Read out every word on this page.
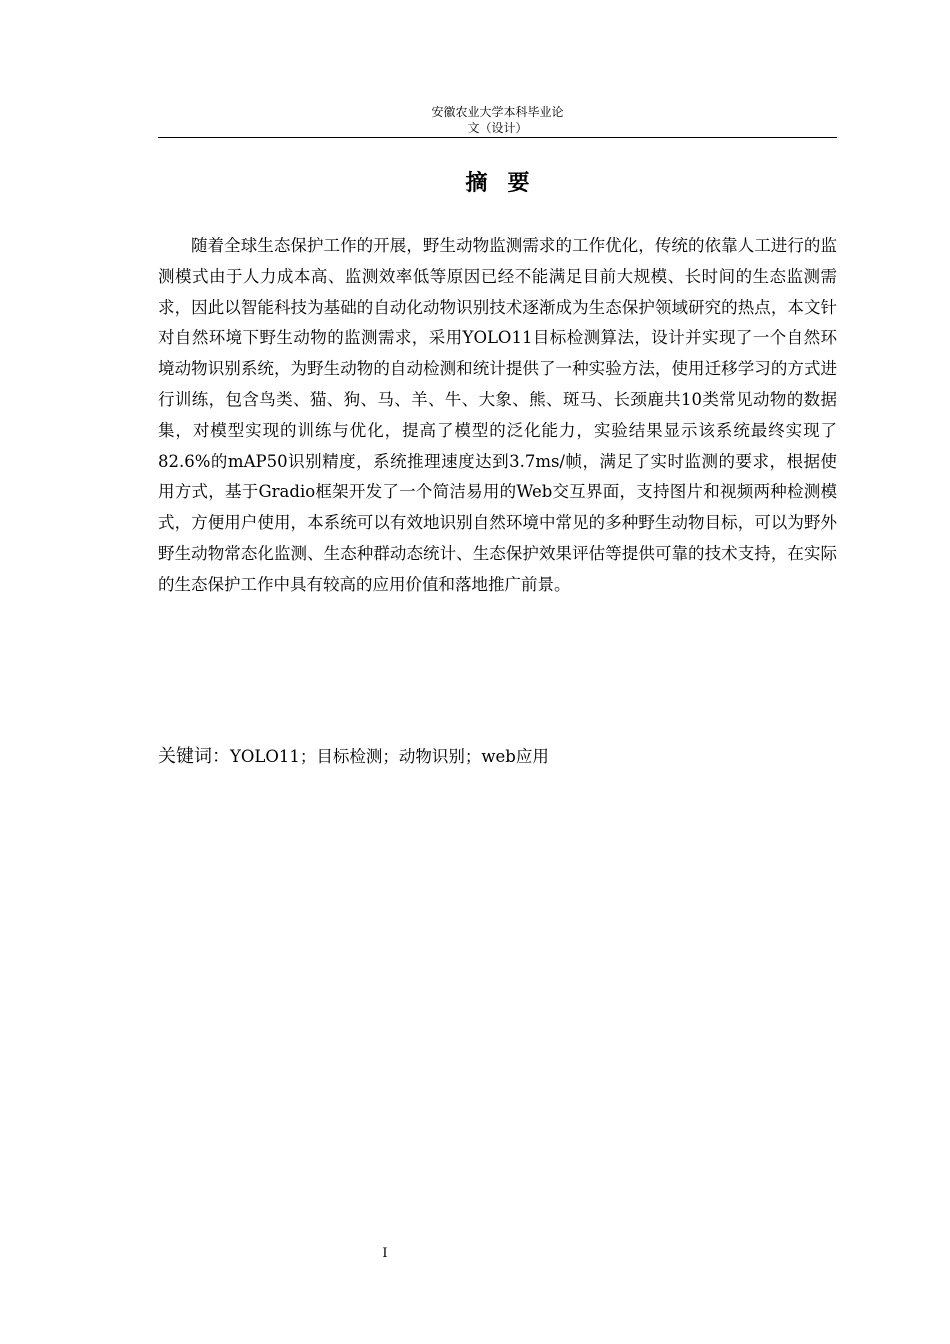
安徽农业大学本科毕业论
文（设计）
摘要

随着全球生态保护工作的开展，野生动物监测需求的工作优化，传统的依靠人工进行的监测模式由于人力成本高、监测效率低等原因已经不能满足目前大规模、长时间的生态监测需求，因此以智能科技为基础的自动化动物识别技术逐渐成为生态保护领域研究的热点，本文针对自然环境下野生动物的监测需求，采用YOLO11目标检测算法，设计并实现了一个自然环境动物识别系统，为野生动物的自动检测和统计提供了一种实验方法，使用迁移学习的方式进行训练，包含鸟类、猫、狗、马、羊、牛、大象、熊、斑马、长颈鹿共10类常见动物的数据集，对模型实现的训练与优化，提高了模型的泛化能力，实验结果显示该系统最终实现了82.6%的mAP50识别精度，系统推理速度达到3.7ms/帧，满足了实时监测的要求，根据使用方式，基于Gradio框架开发了一个简洁易用的Web交互界面，支持图片和视频两种检测模式，方便用户使用，本系统可以有效地识别自然环境中常见的多种野生动物目标，可以为野外野生动物常态化监测、生态种群动态统计、生态保护效果评估等提供可靠的技术支持，在实际的生态保护工作中具有较高的应用价值和落地推广前景。

关键词：YOLO11；目标检测；动物识别；web应用
I
